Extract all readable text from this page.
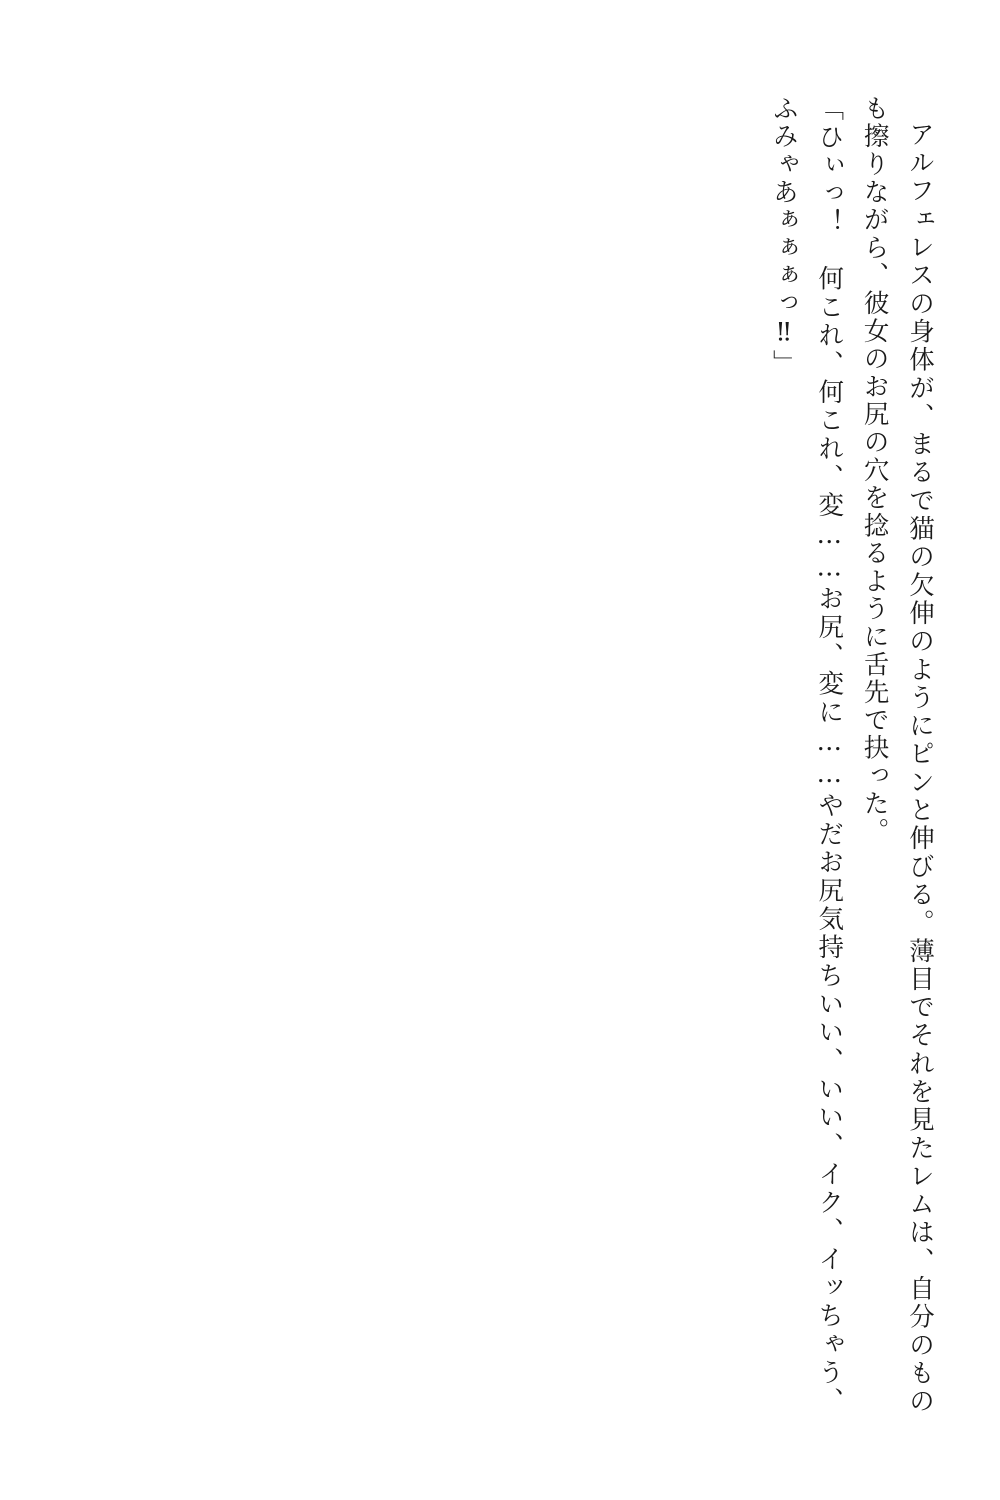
アルフェレスの身体が、まるで猫の欠伸のようにピンと伸びる。薄目でそれを見たレムは、自分のものも擦りながら、彼女のお尻の穴を捻るように舌先で抉った。
「ひぃっ！　何これ、何これ、変……お尻、変に……やだお尻気持ちいい、いい、イク、イッちゃう、ふみゃあぁぁぁっ‼」
